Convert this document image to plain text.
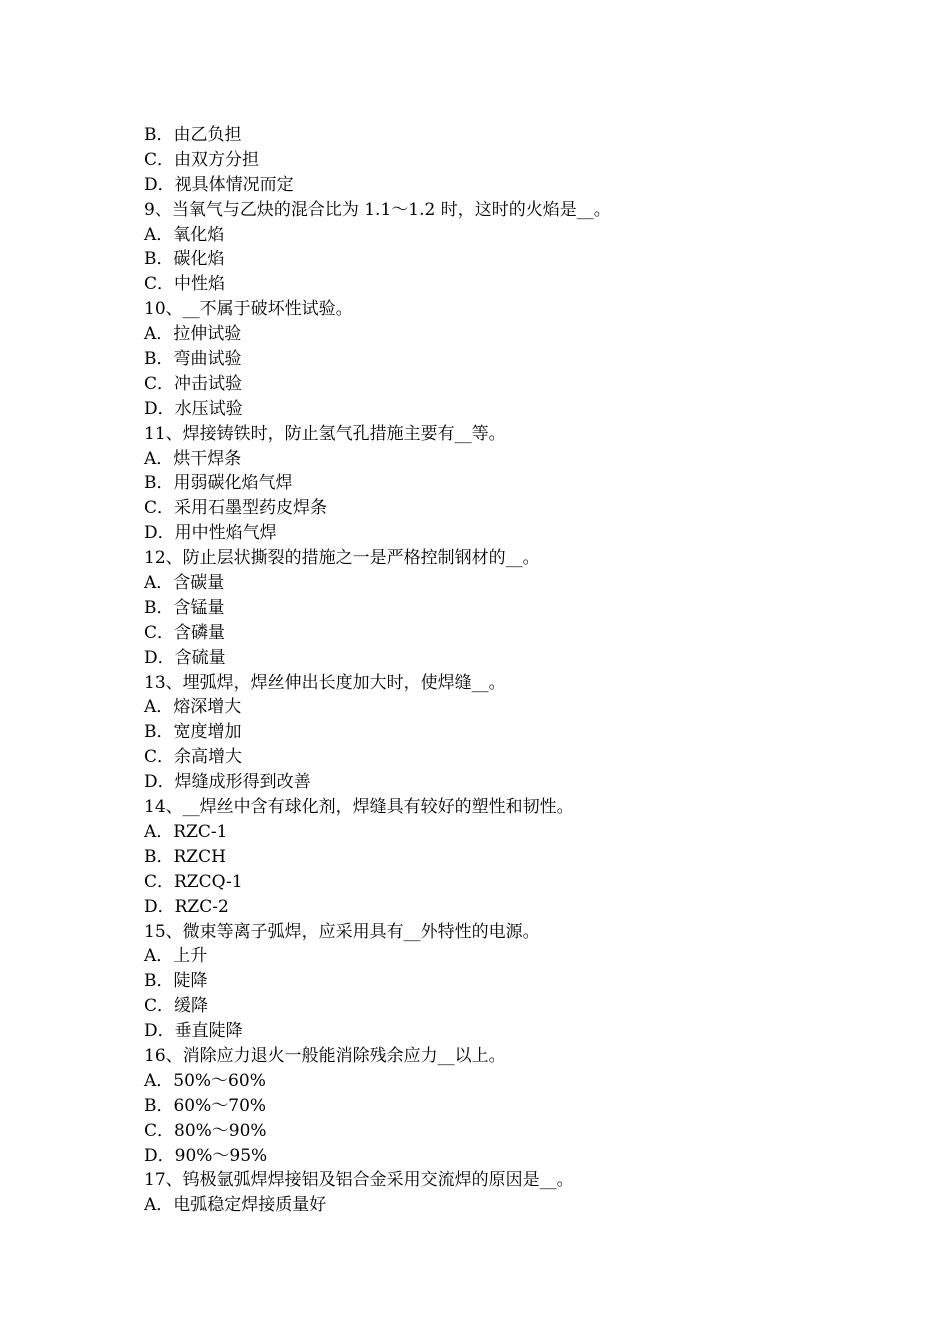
B．由乙负担
C．由双方分担
D．视具体情况而定
9、当氧气与乙炔的混合比为 1.1～1.2 时，这时的火焰是__。
A．氧化焰
B．碳化焰
C．中性焰
10、__不属于破坏性试验。
A．拉伸试验
B．弯曲试验
C．冲击试验
D．水压试验
11、焊接铸铁时，防止氢气孔措施主要有__等。
A．烘干焊条
B．用弱碳化焰气焊
C．采用石墨型药皮焊条
D．用中性焰气焊
12、防止层状撕裂的措施之一是严格控制钢材的__。
A．含碳量
B．含锰量
C．含磷量
D．含硫量
13、埋弧焊，焊丝伸出长度加大时，使焊缝__。
A．熔深增大
B．宽度增加
C．余高增大
D．焊缝成形得到改善
14、__焊丝中含有球化剂，焊缝具有较好的塑性和韧性。
A．RZC-1
B．RZCH
C．RZCQ-1
D．RZC-2
15、微束等离子弧焊，应采用具有__外特性的电源。
A．上升
B．陡降
C．缓降
D．垂直陡降
16、消除应力退火一般能消除残余应力__以上。
A．50%～60%
B．60%～70%
C．80%～90%
D．90%～95%
17、钨极氩弧焊焊接铝及铝合金采用交流焊的原因是__。
A．电弧稳定焊接质量好
